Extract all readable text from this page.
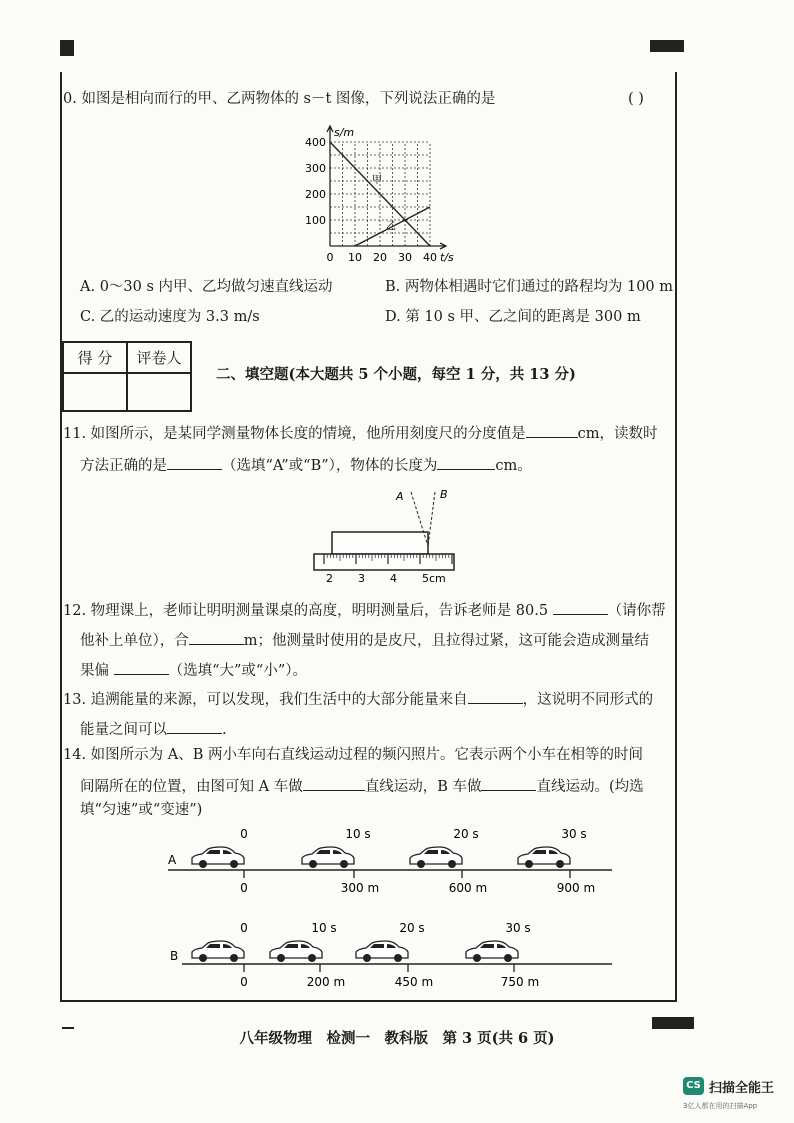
0. 如图是相向而行的甲、乙两物体的 s－t 图像，下列说法正确的是	( )
甲
乙
0 10 20 30 40
100
200
300
400
s/m
t/s
A. 0～30 s 内甲、乙均做匀速直线运动	B. 两物体相遇时它们通过的路程均为 100 m
C. 乙的运动速度为 3.3 m/s	D. 第 10 s 甲、乙之间的距离是 300 m
得 分	评卷人

二、填空题(本大题共 5 个小题，每空 1 分，共 13 分)
11. 如图所示，是某同学测量物体长度的情境，他所用刻度尺的分度值是	cm，读数时
方法正确的是	（选填“A”或“B”），物体的长度为	cm。
A	B
2 3 4 5cm
12. 物理课上，老师让明明测量课桌的高度，明明测量后，告诉老师是 80.5	（请你帮
他补上单位），合	m；他测量时使用的是皮尺，且拉得过紧，这可能会造成测量结
果偏	（选填“大”或“小”）。
13. 追溯能量的来源，可以发现，我们生活中的大部分能量来自	，这说明不同形式的
能量之间可以	.
14. 如图所示为 A、B 两小车向右直线运动过程的频闪照片。它表示两个小车在相等的时间
间隔所在的位置，由图可知 A 车做	直线运动，B 车做	直线运动。(均选
填“匀速”或“变速”)
A
B
0
0
10 s
300 m
20 s
600 m
30 s
900 m
0
0
10 s
200 m
20 s
450 m
30 s
750 m
八年级物理　检测一　教科版　第 3 页(共 6 页)
CS 扫描全能王
3亿人都在用的扫描App
